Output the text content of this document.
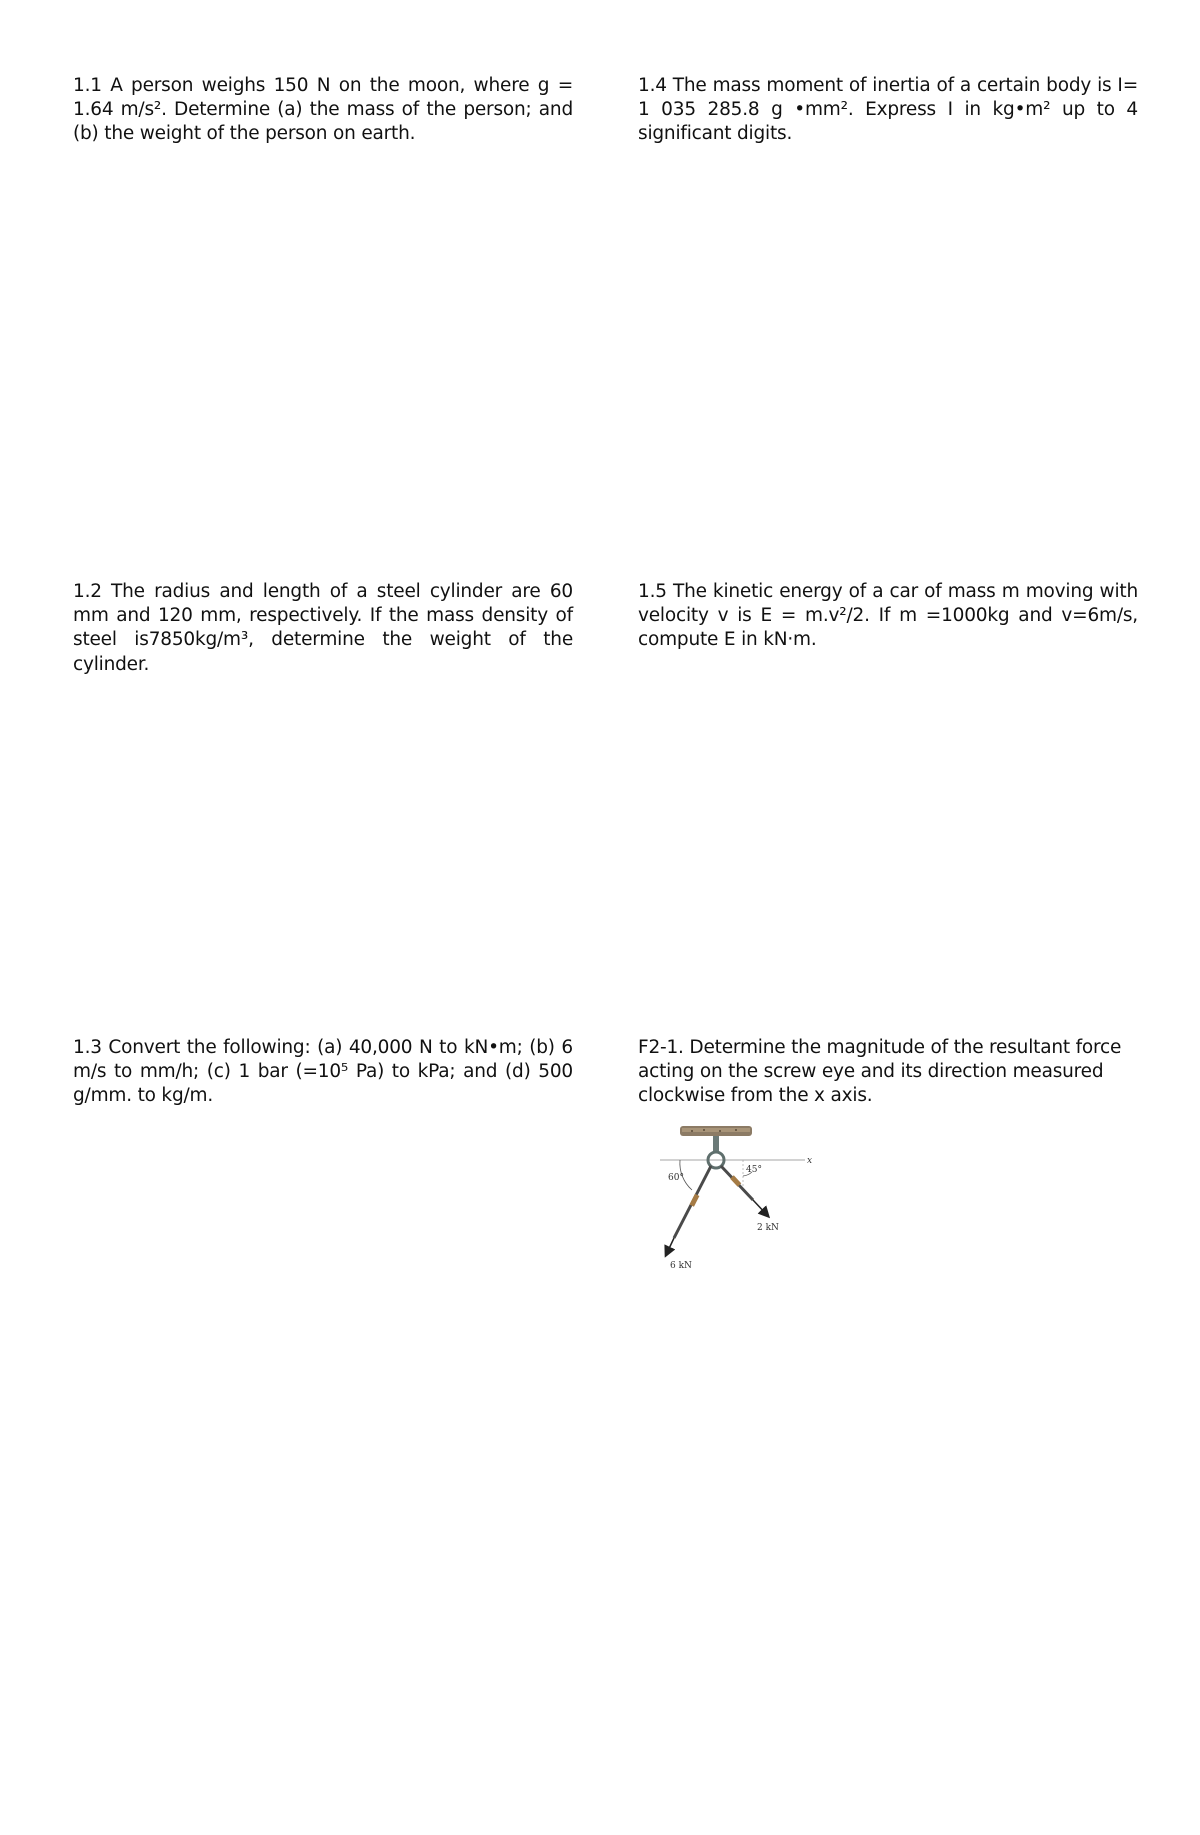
1.1 A person weighs 150 N on the moon, where g = 1.64 m/s². Determine (a) the mass of the person; and (b) the weight of the person on earth.
1.4 The mass moment of inertia of a certain body is I= 1 035 285.8 g •mm². Express I in kg•m² up to 4 significant digits.
1.2 The radius and length of a steel cylinder are 60 mm and 120 mm, respectively. If the mass density of steel is7850kg/m³, determine the weight of the cylinder.
1.5 The kinetic energy of a car of mass m moving with velocity v is E = m.v²/2. If m =1000kg and v=6m/s, compute E in kN·m.
1.3 Convert the following: (a) 40,000 N to kN•m; (b) 6 m/s to mm/h; (c) 1 bar (=10⁵ Pa) to kPa; and (d) 500 g/mm. to kg/m.
F2-1. Determine the magnitude of the resultant force acting on the screw eye and its direction measured clockwise from the x axis.
x
60°
45°
2 kN
6 kN
